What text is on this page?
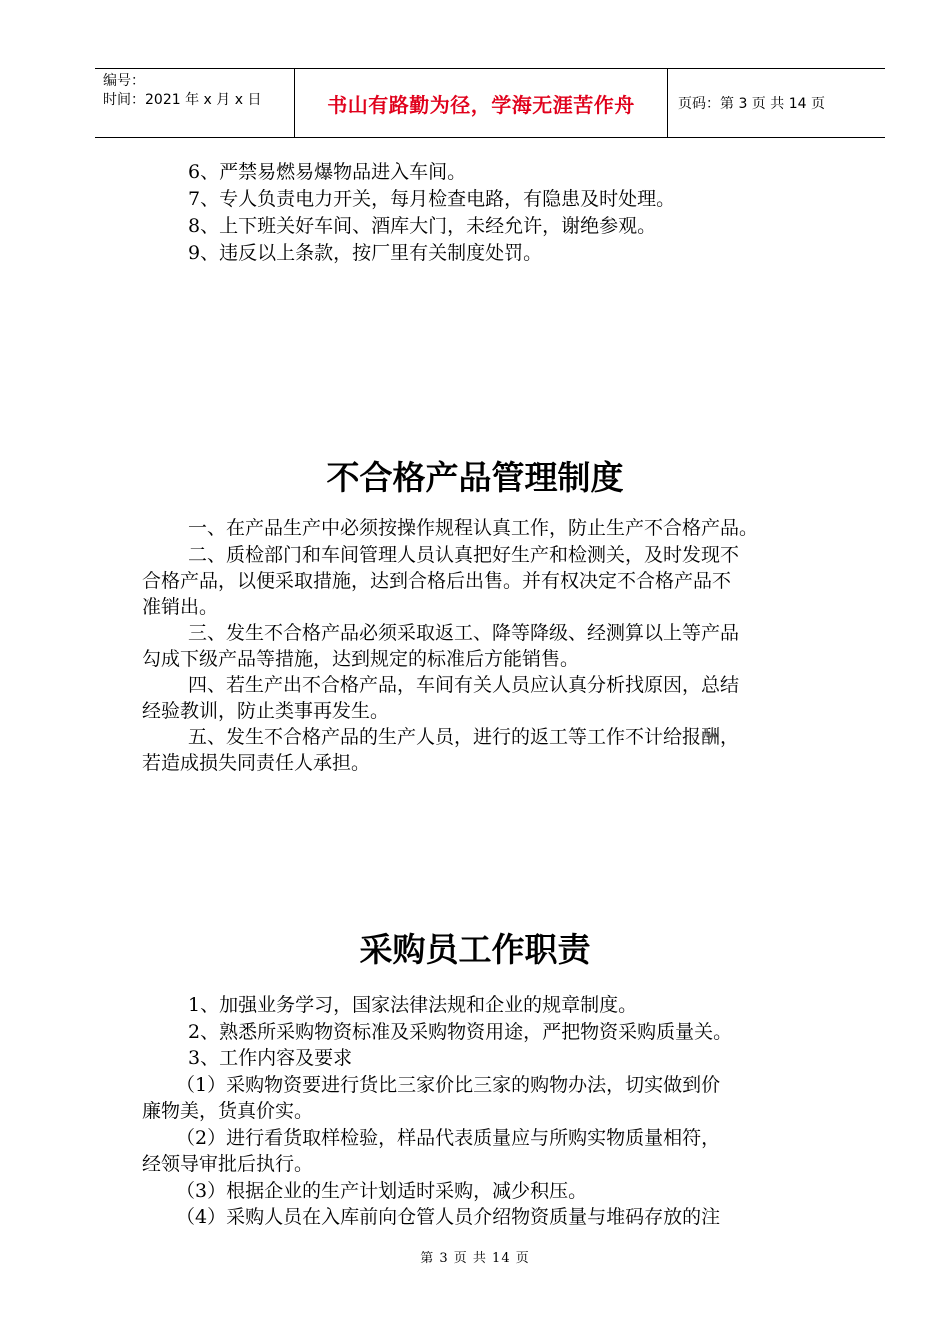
编号：
时间：2021 年 x 月 x 日	书山有路勤为径，学海无涯苦作舟	页码：第 3 页 共 14 页
6、严禁易燃易爆物品进入车间。
7、专人负责电力开关，每月检查电路，有隐患及时处理。
8、上下班关好车间、酒库大门，未经允许，谢绝参观。
9、违反以上条款，按厂里有关制度处罚。
不合格产品管理制度
一、在产品生产中必须按操作规程认真工作，防止生产不合格产品。
二、质检部门和车间管理人员认真把好生产和检测关，及时发现不
合格产品，以便采取措施，达到合格后出售。并有权决定不合格产品不
准销出。
三、发生不合格产品必须采取返工、降等降级、经测算以上等产品
勾成下级产品等措施，达到规定的标准后方能销售。
四、若生产出不合格产品，车间有关人员应认真分析找原因，总结
经验教训，防止类事再发生。
五、发生不合格产品的生产人员，进行的返工等工作不计给报酬，
若造成损失同责任人承担。
采购员工作职责
1、加强业务学习，国家法律法规和企业的规章制度。
2、熟悉所采购物资标准及采购物资用途，严把物资采购质量关。
3、工作内容及要求
（1）采购物资要进行货比三家价比三家的购物办法，切实做到价
廉物美，货真价实。
（2）进行看货取样检验，样品代表质量应与所购实物质量相符，
经领导审批后执行。
（3）根据企业的生产计划适时采购，减少积压。
（4）采购人员在入库前向仓管人员介绍物资质量与堆码存放的注
第 3 页 共 14 页
